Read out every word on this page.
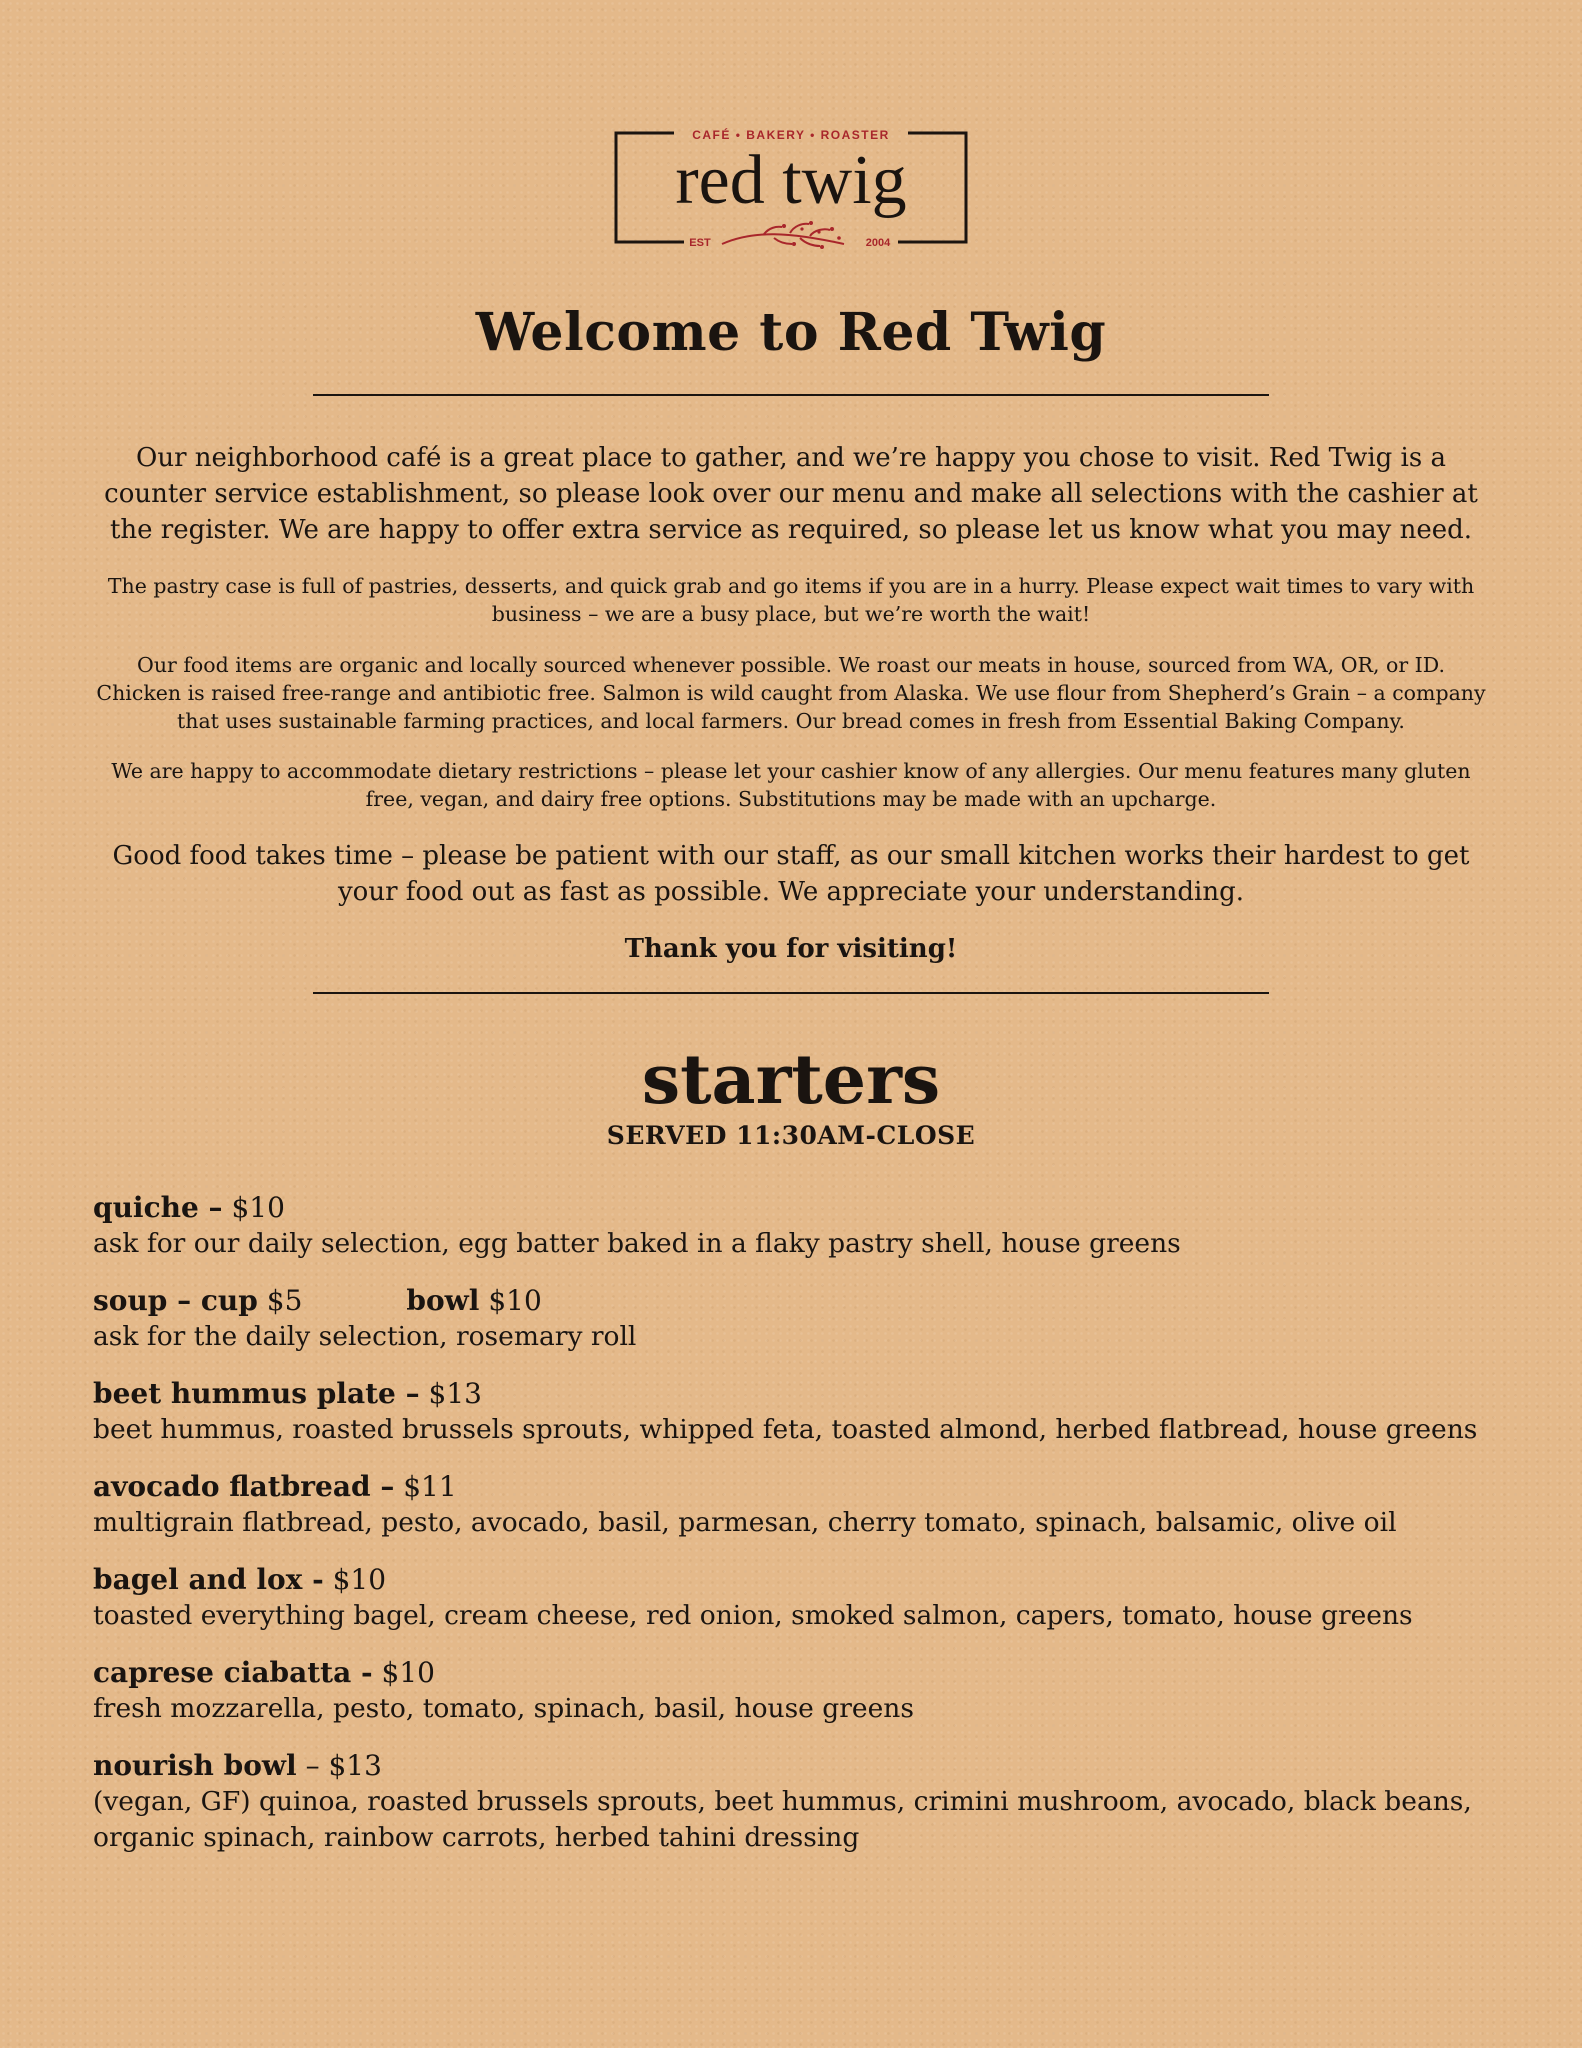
CAFÉ • BAKERY • ROASTER
red twig
EST	2004
Welcome to Red Twig

Our neighborhood café is a great place to gather, and we’re happy you chose to visit. Red Twig is a counter service establishment, so please look over our menu and make all selections with the cashier at the register. We are happy to offer extra service as required, so please let us know what you may need.

The pastry case is full of pastries, desserts, and quick grab and go items if you are in a hurry. Please expect wait times to vary with business – we are a busy place, but we’re worth the wait!

Our food items are organic and locally sourced whenever possible. We roast our meats in house, sourced from WA, OR, or ID. Chicken is raised free-range and antibiotic free. Salmon is wild caught from Alaska. We use flour from Shepherd’s Grain – a company that uses sustainable farming practices, and local farmers. Our bread comes in fresh from Essential Baking Company.

We are happy to accommodate dietary restrictions – please let your cashier know of any allergies. Our menu features many gluten free, vegan, and dairy free options. Substitutions may be made with an upcharge.

Good food takes time – please be patient with our staff, as our small kitchen works their hardest to get your food out as fast as possible. We appreciate your understanding.

Thank you for visiting!

starters
SERVED 11:30AM-CLOSE
quiche – $10
ask for our daily selection, egg batter baked in a flaky pastry shell, house greens
soup – cup $5	bowl $10
ask for the daily selection, rosemary roll
beet hummus plate – $13
beet hummus, roasted brussels sprouts, whipped feta, toasted almond, herbed flatbread, house greens
avocado flatbread – $11
multigrain flatbread, pesto, avocado, basil, parmesan, cherry tomato, spinach, balsamic, olive oil
bagel and lox - $10
toasted everything bagel, cream cheese, red onion, smoked salmon, capers, tomato, house greens
caprese ciabatta - $10
fresh mozzarella, pesto, tomato, spinach, basil, house greens
nourish bowl – $13
(vegan, GF) quinoa, roasted brussels sprouts, beet hummus, crimini mushroom, avocado, black beans, organic spinach, rainbow carrots, herbed tahini dressing
